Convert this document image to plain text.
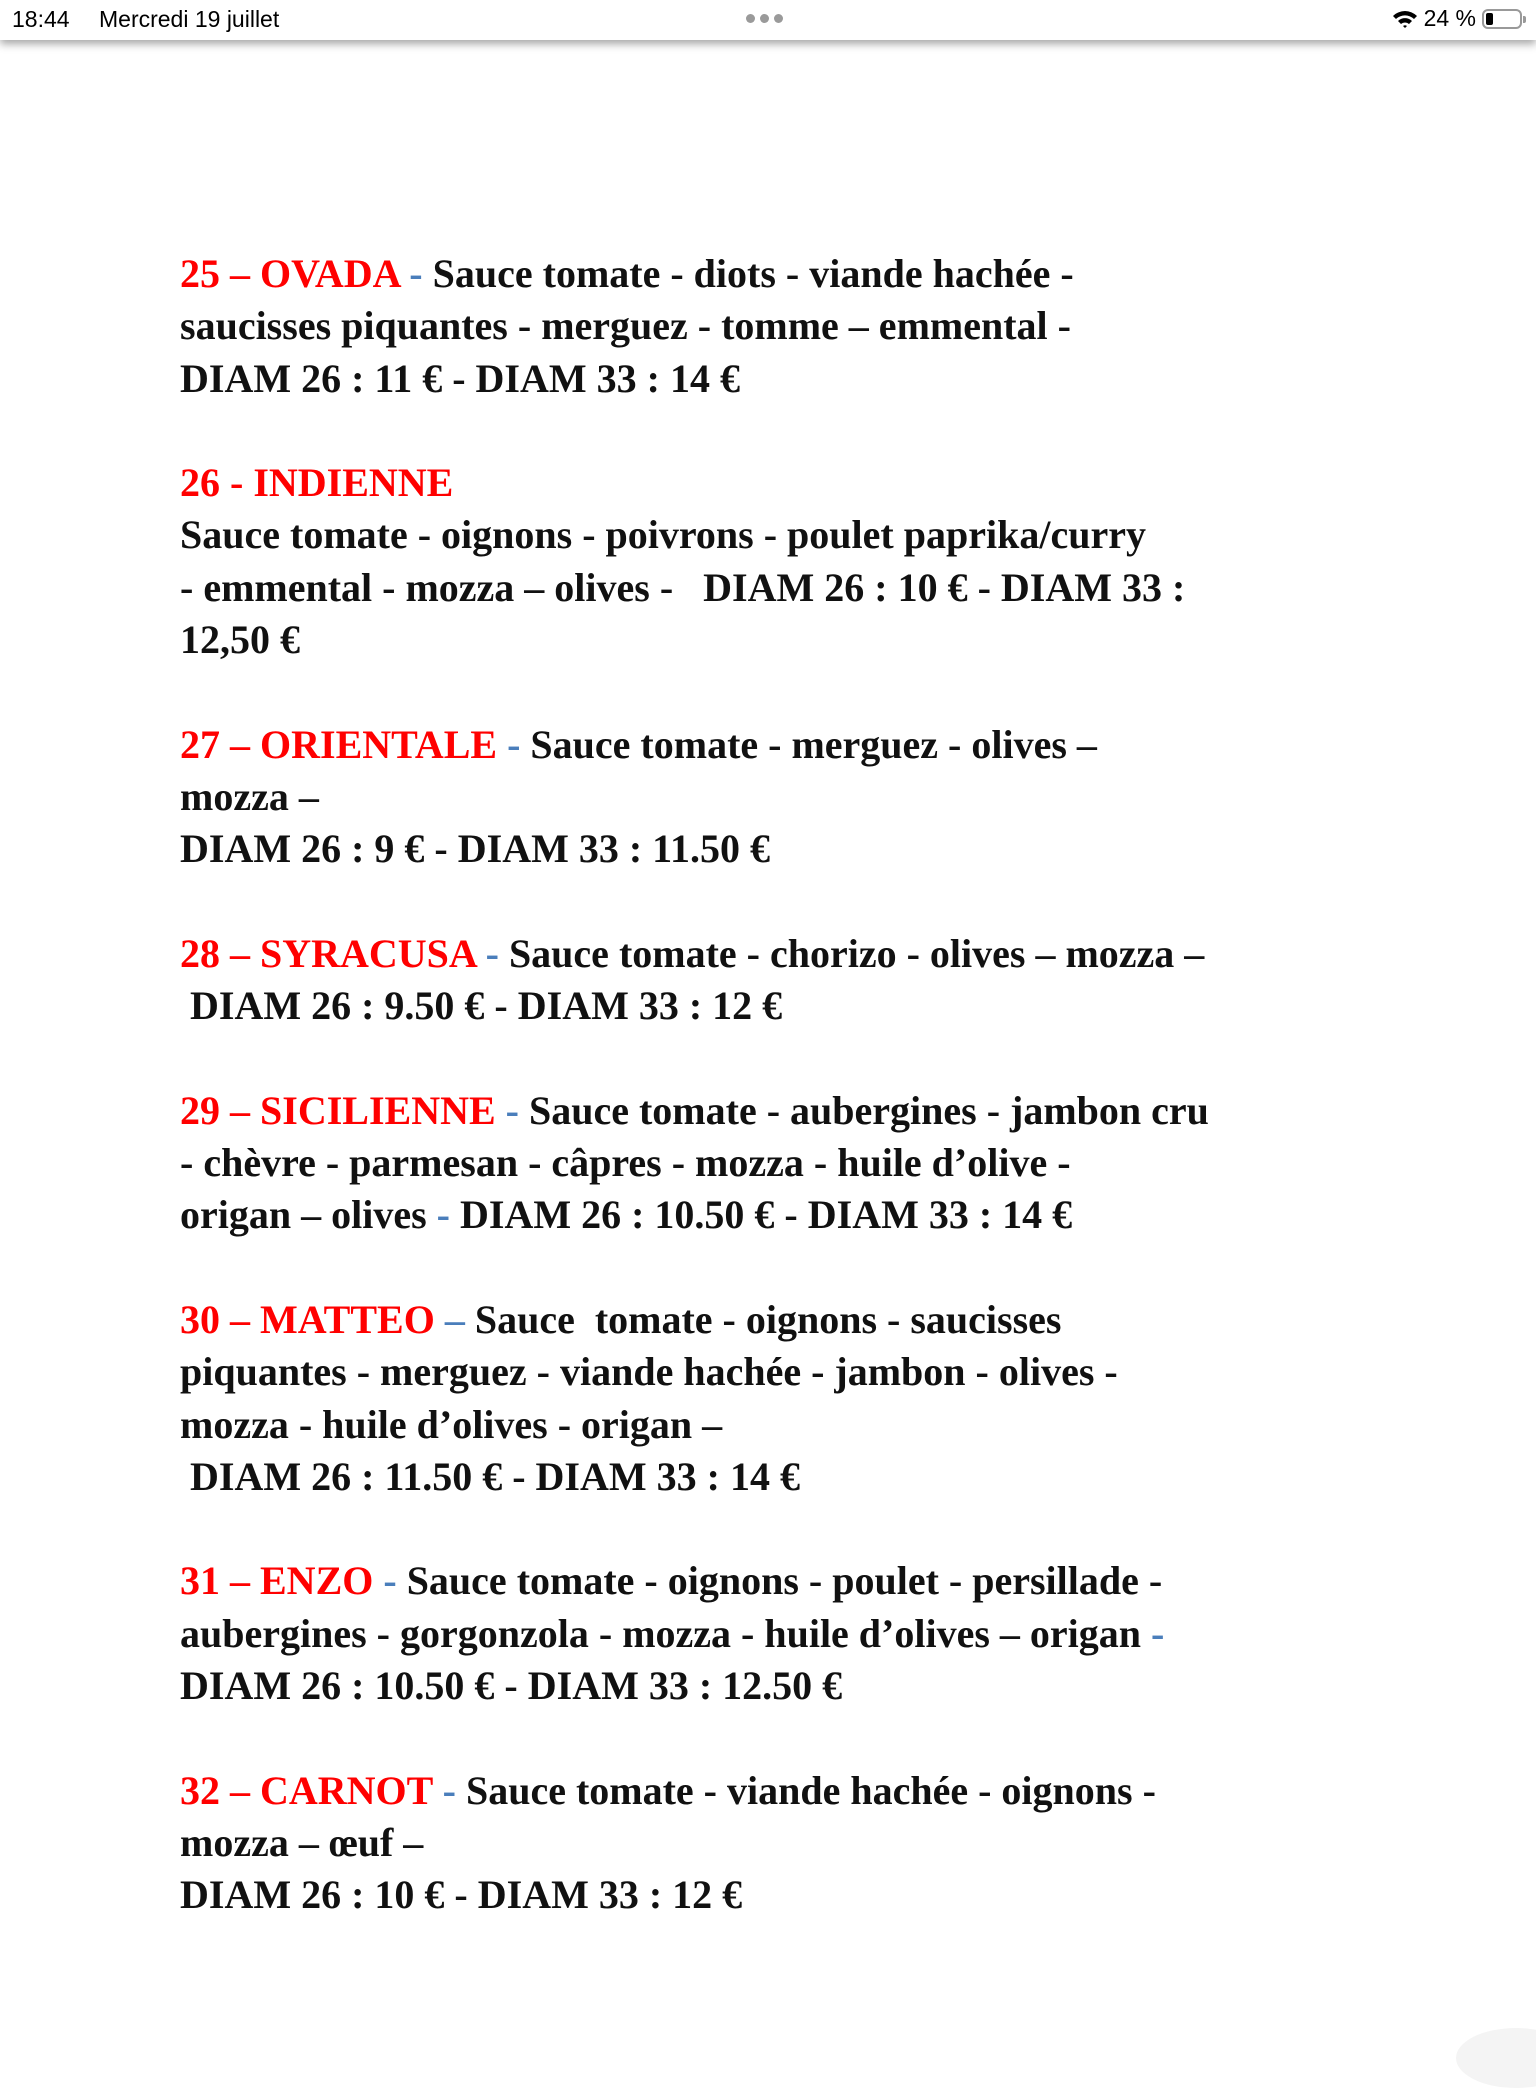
18:44 Mercredi 19 juillet	24 %
25 – OVADA - Sauce tomate - diots - viande hachée -
saucisses piquantes - merguez - tomme – emmental -
DIAM 26 : 11 € - DIAM 33 : 14 €
26 - INDIENNE
Sauce tomate - oignons - poivrons - poulet paprika/curry
- emmental - mozza – olives -   DIAM 26 : 10 € - DIAM 33 :
12,50 €
27 – ORIENTALE - Sauce tomate - merguez - olives –
mozza –
DIAM 26 : 9 € - DIAM 33 : 11.50 €
28 – SYRACUSA - Sauce tomate - chorizo - olives – mozza –
DIAM 26 : 9.50 € - DIAM 33 : 12 €
29 – SICILIENNE - Sauce tomate - aubergines - jambon cru
- chèvre - parmesan - câpres - mozza - huile d’olive -
origan – olives - DIAM 26 : 10.50 € - DIAM 33 : 14 €
30 – MATTEO – Sauce  tomate - oignons - saucisses
piquantes - merguez - viande hachée - jambon - olives -
mozza - huile d’olives - origan –
DIAM 26 : 11.50 € - DIAM 33 : 14 €
31 – ENZO - Sauce tomate - oignons - poulet - persillade -
aubergines - gorgonzola - mozza - huile d’olives – origan -
DIAM 26 : 10.50 € - DIAM 33 : 12.50 €
32 – CARNOT - Sauce tomate - viande hachée - oignons -
mozza – œuf –
DIAM 26 : 10 € - DIAM 33 : 12 €
